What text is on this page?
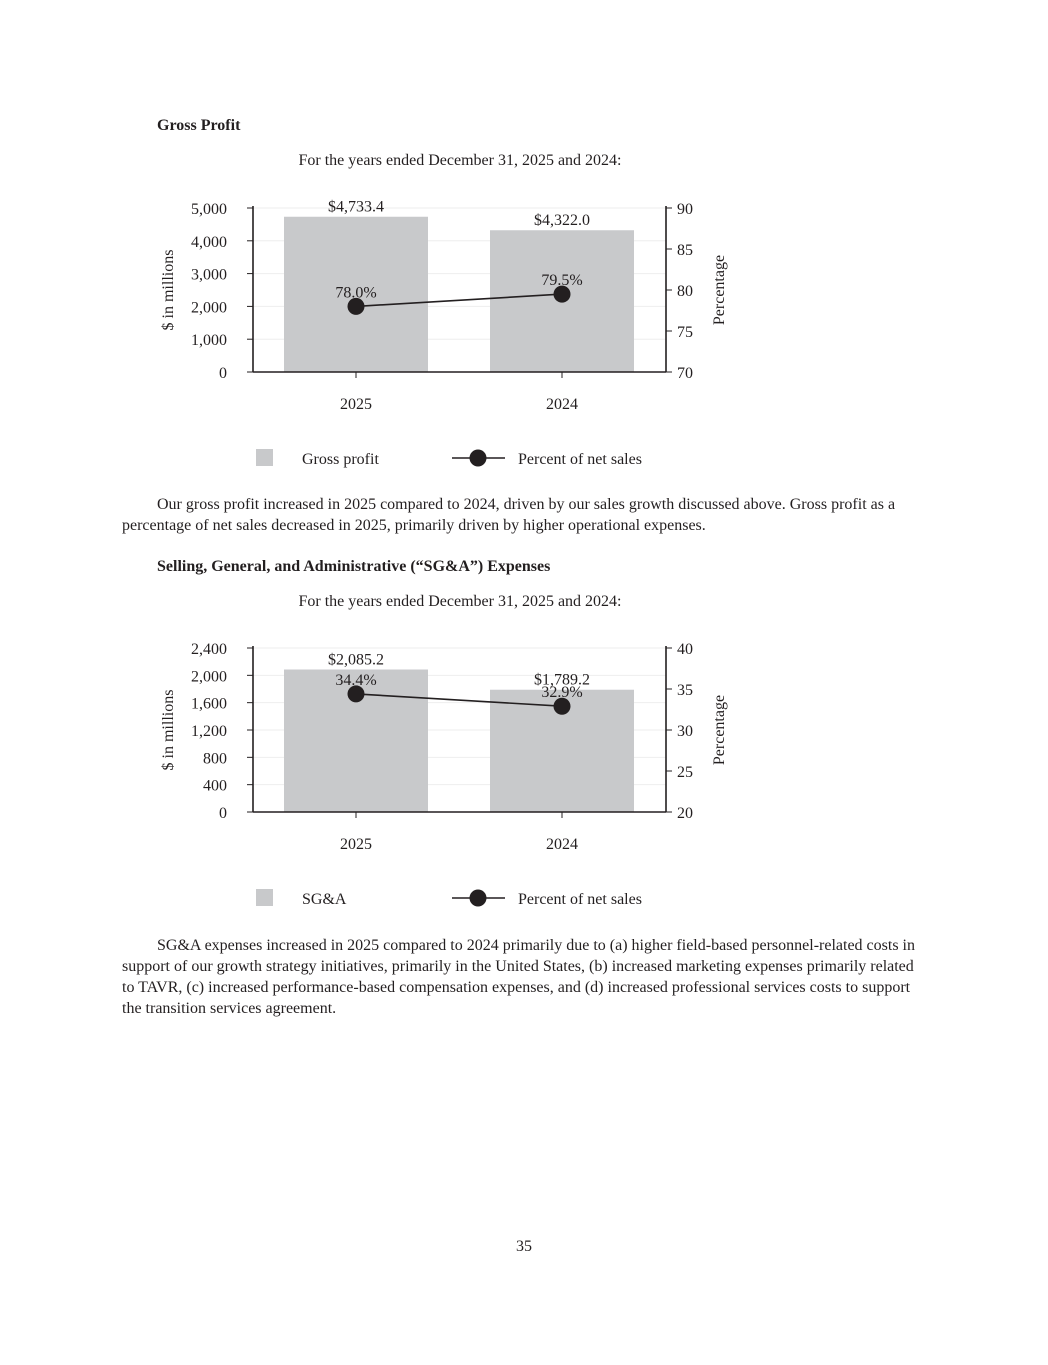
Gross Profit
For the years ended December 31, 2025 and 2024:
0
1,000
2,000
3,000
4,000
5,000
70
75
80
85
90
2025	2024
$ in millions	Percentage
$4,733.4
$4,322.0
78.0%
79.5%
Gross profit	Percent of net sales

Our gross profit increased in 2025 compared to 2024, driven by our sales growth discussed above. Gross profit as a percentage of net sales decreased in 2025, primarily driven by higher operational expenses.

Selling, General, and Administrative (“SG&A”) Expenses
For the years ended December 31, 2025 and 2024:
0
400
800
1,200
1,600
2,000
2,400
20
25
30
35
40
2025	2024
$ in millions	Percentage
$2,085.2
$1,789.2
34.4%
32.9%
SG&A	Percent of net sales

SG&A expenses increased in 2025 compared to 2024 primarily due to (a) higher field-based personnel-related costs in support of our growth strategy initiatives, primarily in the United States, (b) increased marketing expenses primarily related to TAVR, (c) increased performance-based compensation expenses, and (d) increased professional services costs to support the transition services agreement.

35
